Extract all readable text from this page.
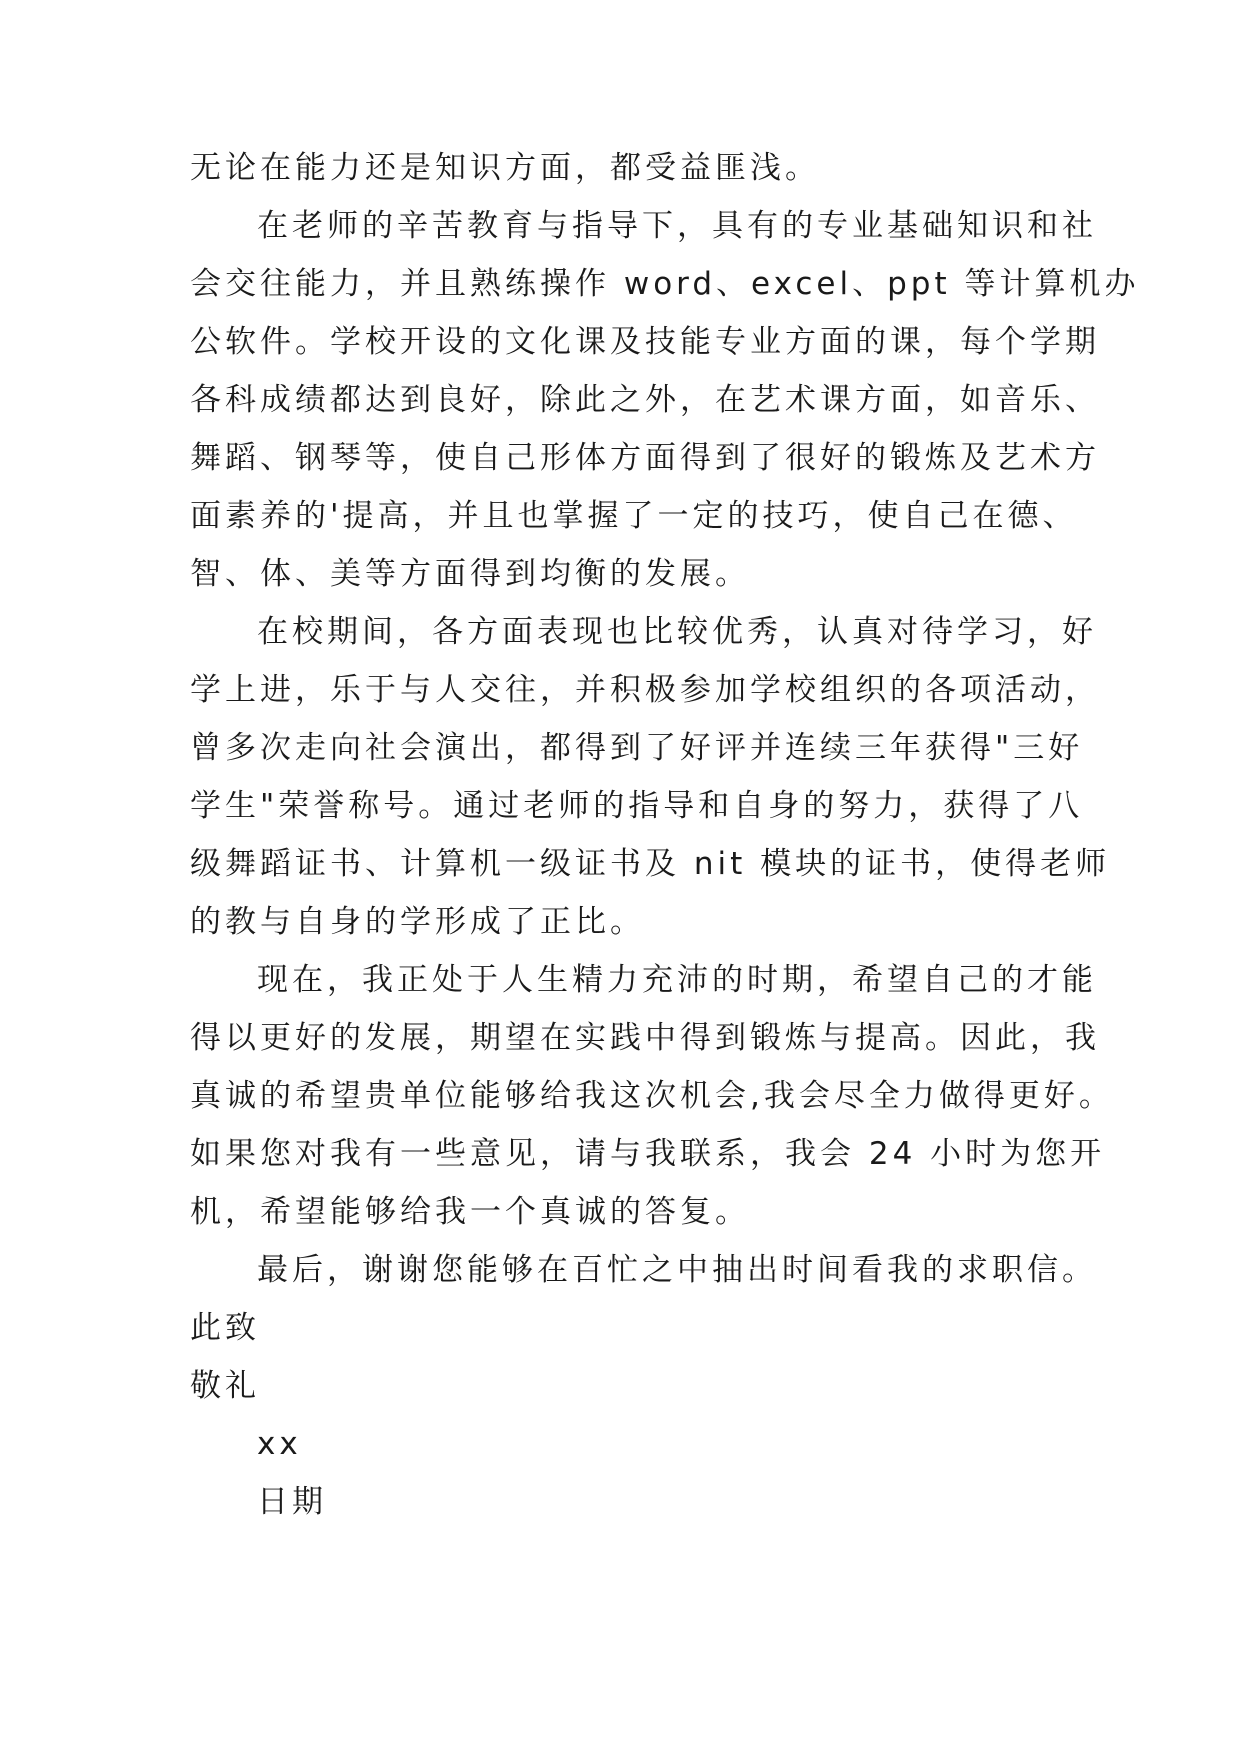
无论在能力还是知识方面，都受益匪浅。
在老师的辛苦教育与指导下，具有的专业基础知识和社
会交往能力，并且熟练操作 word、excel、ppt 等计算机办
公软件。学校开设的文化课及技能专业方面的课，每个学期
各科成绩都达到良好，除此之外，在艺术课方面，如音乐、
舞蹈、钢琴等，使自己形体方面得到了很好的锻炼及艺术方
面素养的'提高，并且也掌握了一定的技巧，使自己在德、
智、体、美等方面得到均衡的发展。
在校期间，各方面表现也比较优秀，认真对待学习，好
学上进，乐于与人交往，并积极参加学校组织的各项活动，
曾多次走向社会演出，都得到了好评并连续三年获得"三好
学生"荣誉称号。通过老师的指导和自身的努力，获得了八
级舞蹈证书、计算机一级证书及 nit 模块的证书，使得老师
的教与自身的学形成了正比。
现在，我正处于人生精力充沛的时期，希望自己的才能
得以更好的发展，期望在实践中得到锻炼与提高。因此，我
真诚的希望贵单位能够给我这次机会,我会尽全力做得更好。
如果您对我有一些意见，请与我联系，我会 24 小时为您开
机，希望能够给我一个真诚的答复。
最后，谢谢您能够在百忙之中抽出时间看我的求职信。
此致
敬礼
xx
日期
